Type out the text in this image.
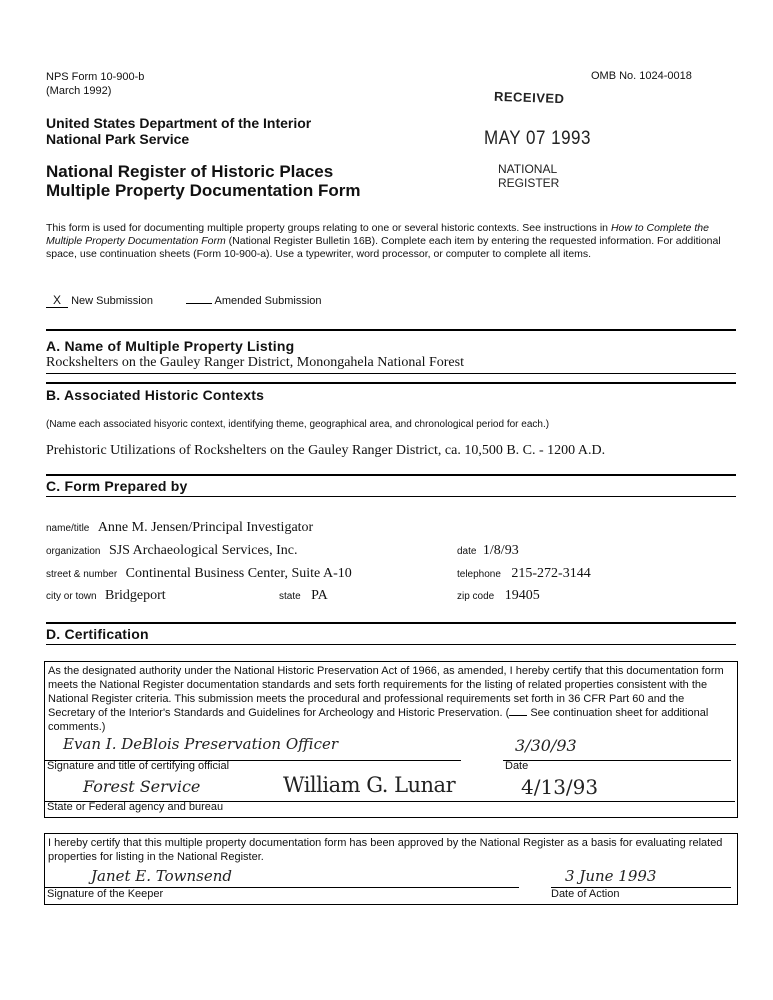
NPS Form 10-900-b
(March 1992)
OMB No. 1024-0018
United States Department of the Interior
National Park Service
National Register of Historic Places
Multiple Property Documentation Form
RECEIVED
MAY 07 1993
NATIONAL
REGISTER
This form is used for documenting multiple property groups relating to one or several historic contexts. See instructions in How to Complete the Multiple Property Documentation Form (National Register Bulletin 16B). Complete each item by entering the requested information. For additional space, use continuation sheets (Form 10-900-a). Use a typewriter, word processor, or computer to complete all items.
X New Submission	Amended Submission
A. Name of Multiple Property Listing
Rockshelters on the Gauley Ranger District, Monongahela National Forest
B. Associated Historic Contexts
(Name each associated hisyoric context, identifying theme, geographical area, and chronological period for each.)
Prehistoric Utilizations of Rockshelters on the Gauley Ranger District, ca. 10,500 B. C. - 1200 A.D.
C. Form Prepared by
name/title Anne M. Jensen/Principal Investigator
organization SJS Archaeological Services, Inc.	date 1/8/93
street & number Continental Business Center, Suite A-10	telephone 215-272-3144
city or town Bridgeport	state PA	zip code 19405
D. Certification
As the designated authority under the National Historic Preservation Act of 1966, as amended, I hereby certify that this documentation form meets the National Register documentation standards and sets forth requirements for the listing of related properties consistent with the National Register criteria. This submission meets the procedural and professional requirements set forth in 36 CFR Part 60 and the Secretary of the Interior's Standards and Guidelines for Archeology and Historic Preservation. ( See continuation sheet for additional comments.)
Evan I. DeBlois Preservation Officer	3/30/93
Signature and title of certifying official	Date
Forest Service	William G. Lunar	4/13/93
State or Federal agency and bureau
I hereby certify that this multiple property documentation form has been approved by the National Register as a basis for evaluating related properties for listing in the National Register.
Janet E. Townsend	3 June 1993
Signature of the Keeper	Date of Action
